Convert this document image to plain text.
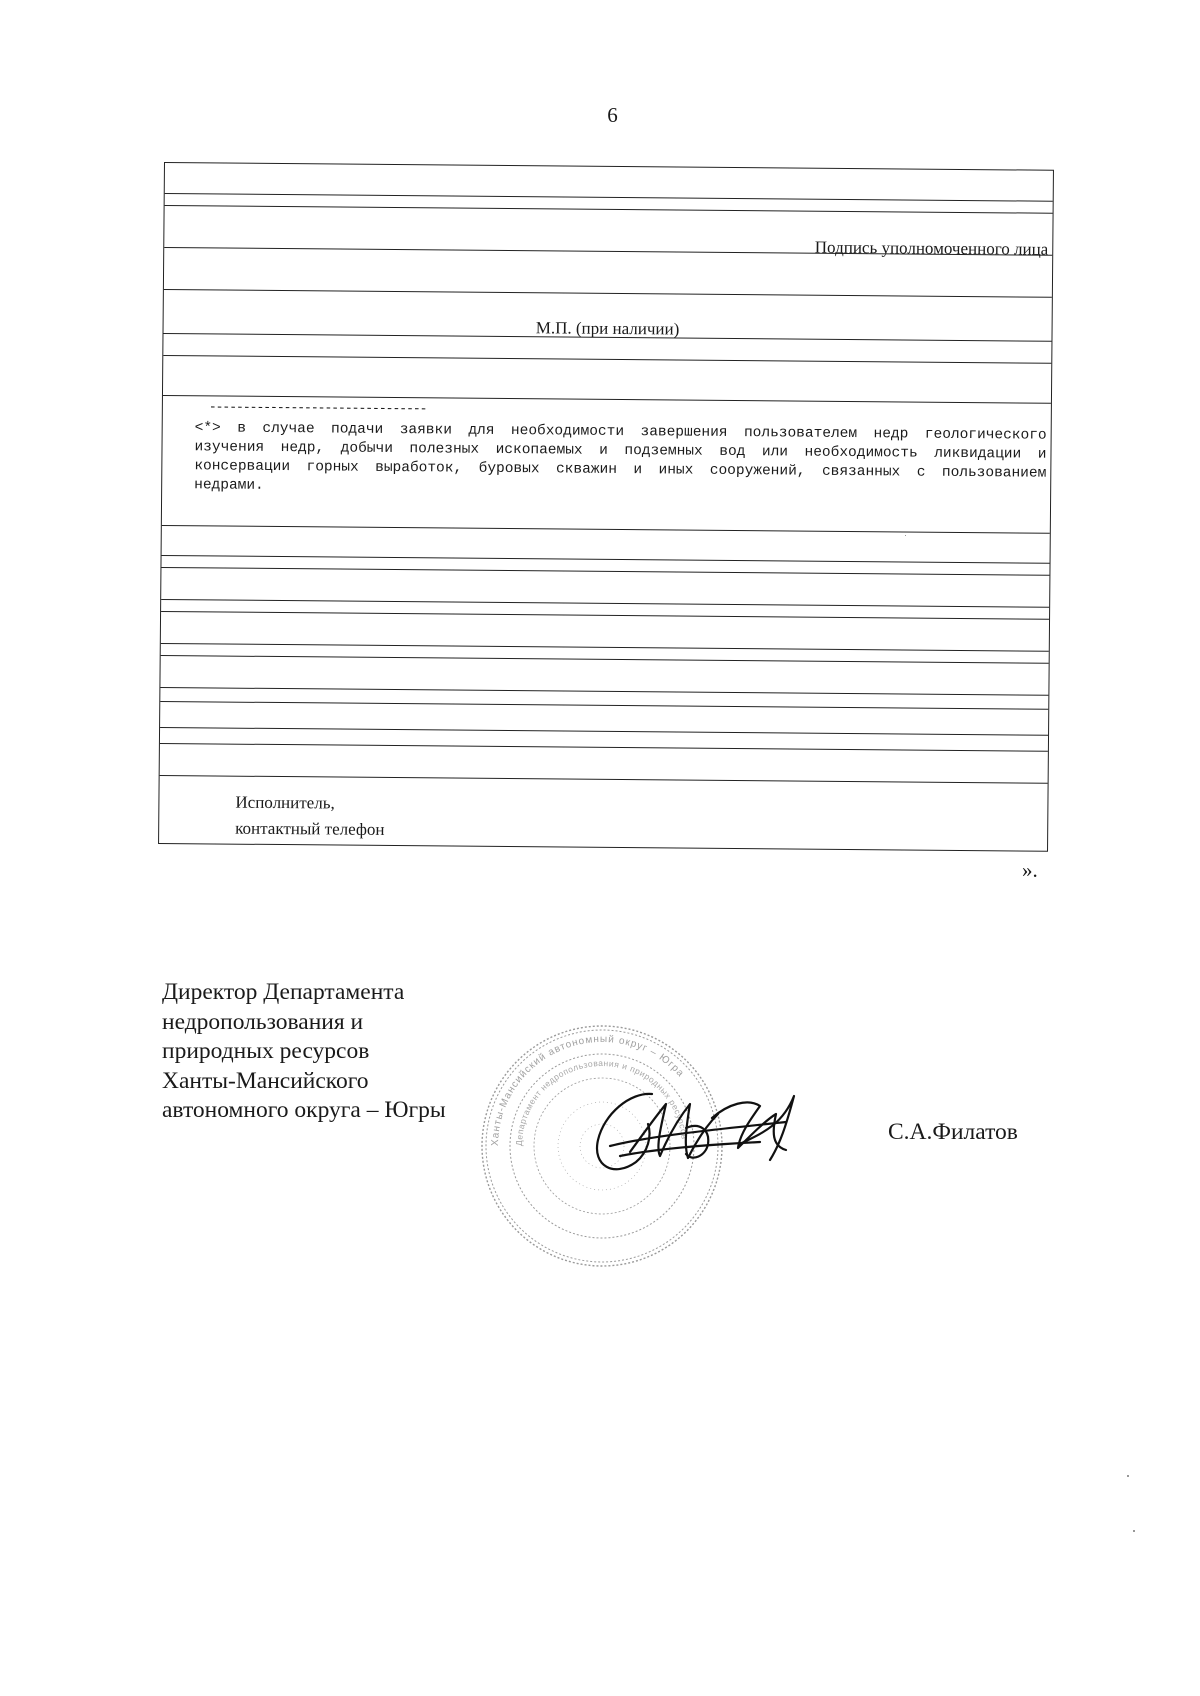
6
Подпись уполномоченного лица
М.П. (при наличии)
--------------------------------
<*> в случае подачи заявки для необходимости завершения пользователем недр геологического изучения недр, добычи полезных ископаемых и подземных вод или необходимость ликвидации и консервации горных выработок, буровых скважин и иных сооружений, связанных с пользованием недрами.
Исполнитель,
контактный телефон
».
Директор Департамента
недропользования и
природных ресурсов
Ханты-Мансийского
автономного округа – Югры
Ханты-Мансийский автономный округ – Югра
Департамент недропользования и природных ресурсов	С.А.Филатов
